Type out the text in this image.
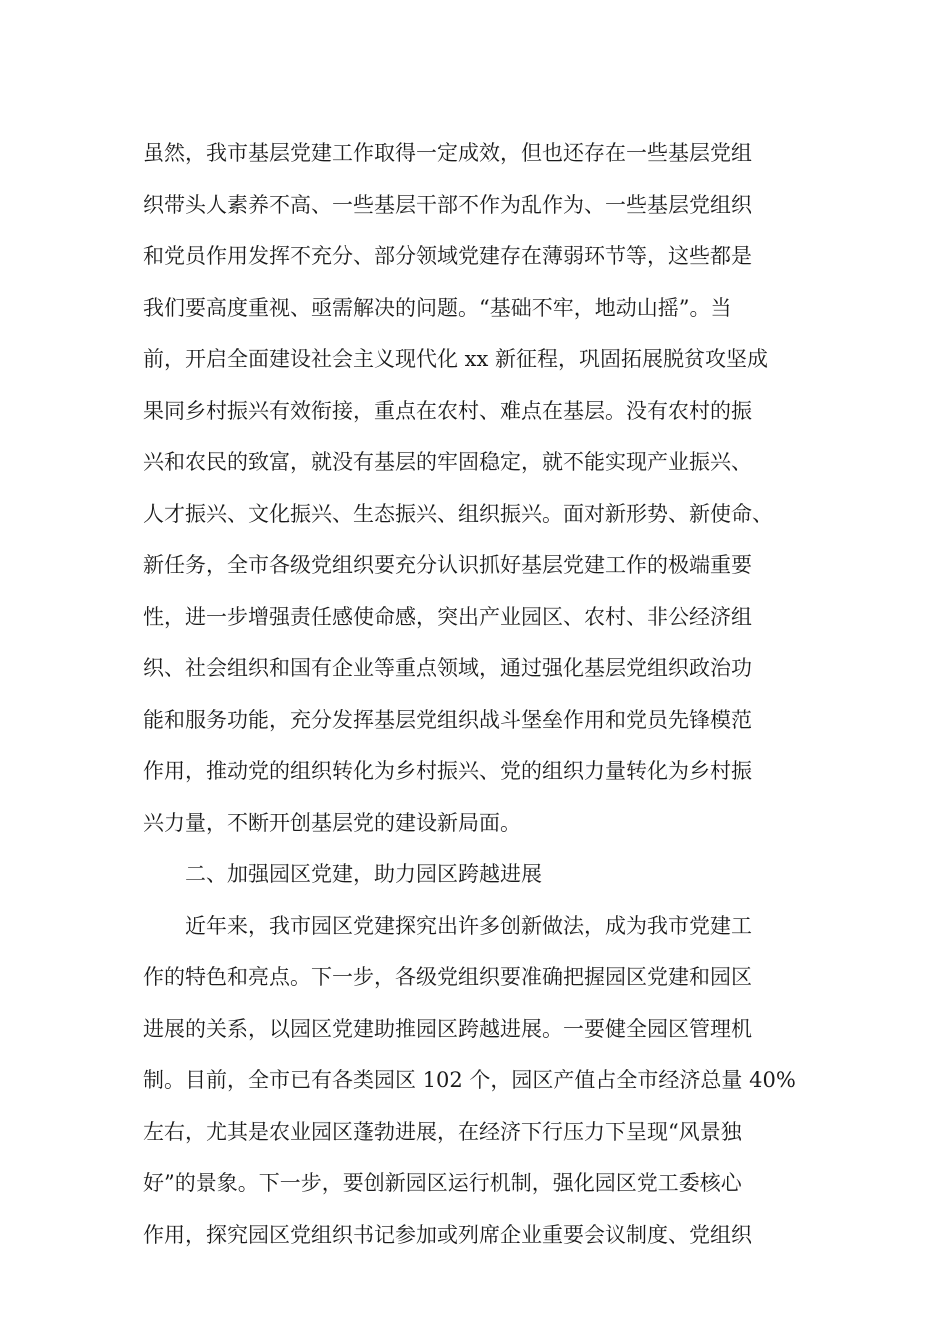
虽然，我市基层党建工作取得一定成效，但也还存在一些基层党组
织带头人素养不高、一些基层干部不作为乱作为、一些基层党组织
和党员作用发挥不充分、部分领域党建存在薄弱环节等，这些都是
我们要高度重视、亟需解决的问题。“基础不牢，地动山摇”。当
前，开启全面建设社会主义现代化 xx 新征程，巩固拓展脱贫攻坚成
果同乡村振兴有效衔接，重点在农村、难点在基层。没有农村的振
兴和农民的致富，就没有基层的牢固稳定，就不能实现产业振兴、
人才振兴、文化振兴、生态振兴、组织振兴。面对新形势、新使命、
新任务，全市各级党组织要充分认识抓好基层党建工作的极端重要
性，进一步增强责任感使命感，突出产业园区、农村、非公经济组
织、社会组织和国有企业等重点领域，通过强化基层党组织政治功
能和服务功能，充分发挥基层党组织战斗堡垒作用和党员先锋模范
作用，推动党的组织转化为乡村振兴、党的组织力量转化为乡村振
兴力量，不断开创基层党的建设新局面。
二、加强园区党建，助力园区跨越进展
近年来，我市园区党建探究出许多创新做法，成为我市党建工
作的特色和亮点。下一步，各级党组织要准确把握园区党建和园区
进展的关系，以园区党建助推园区跨越进展。一要健全园区管理机
制。目前，全市已有各类园区 102 个，园区产值占全市经济总量 40%
左右，尤其是农业园区蓬勃进展，在经济下行压力下呈现“风景独
好”的景象。下一步，要创新园区运行机制，强化园区党工委核心
作用，探究园区党组织书记参加或列席企业重要会议制度、党组织
